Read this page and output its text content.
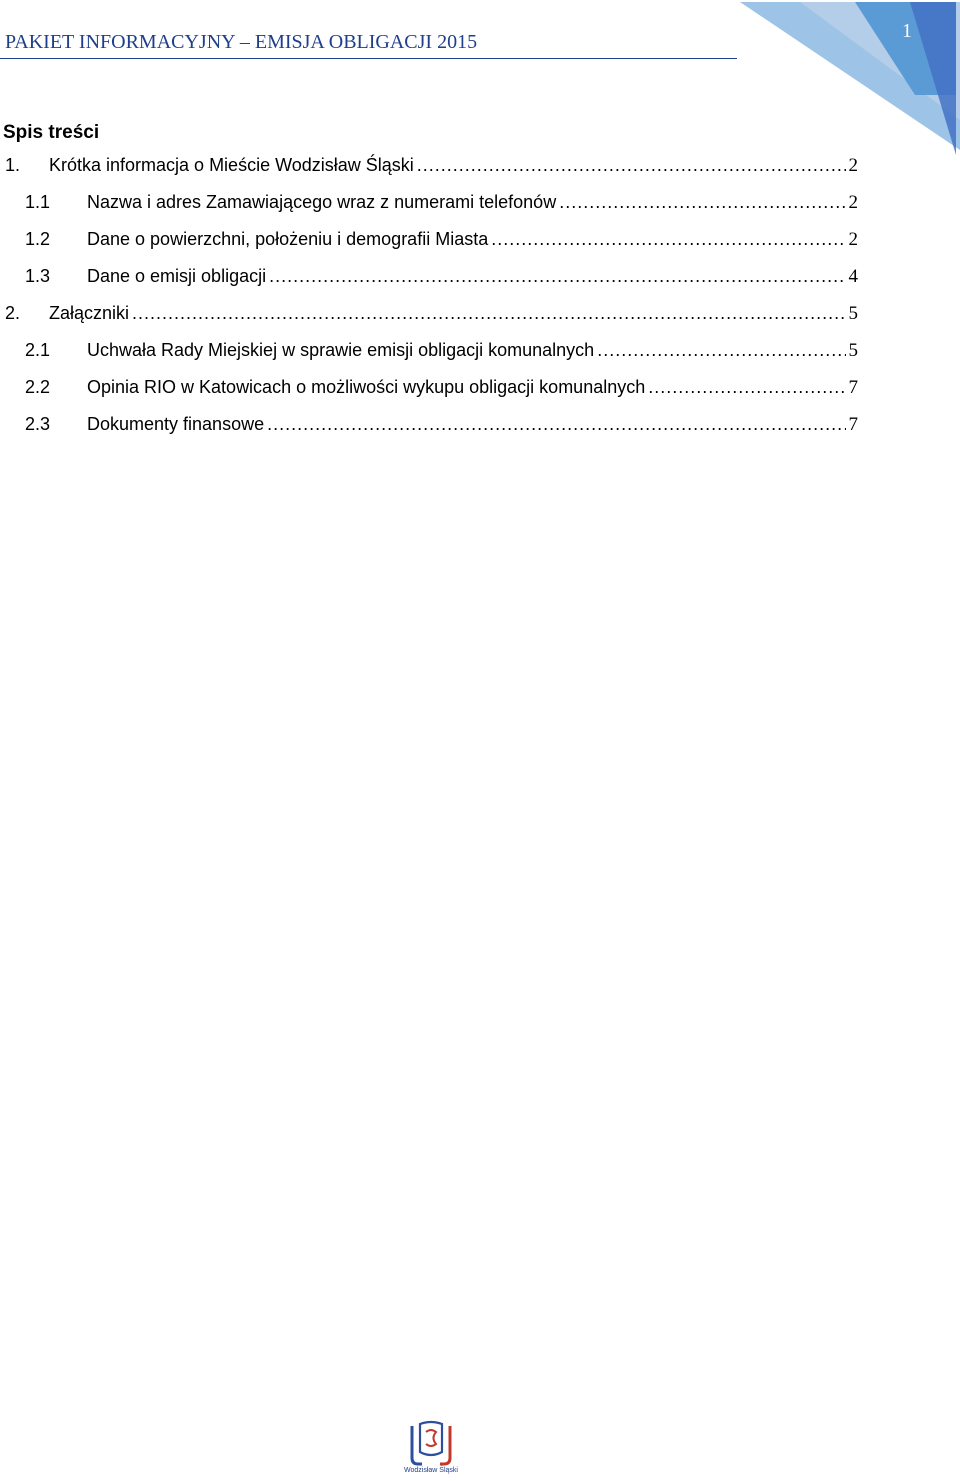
1
PAKIET INFORMACYJNY – EMISJA OBLIGACJI 2015
Spis treści
1. Krótka informacja o Mieście Wodzisław Śląski .....	2
1.1 Nazwa i adres Zamawiającego wraz z numerami telefonów .....	2
1.2 Dane o powierzchni, położeniu i demografii Miasta .....	2
1.3 Dane o emisji obligacji .....	4
2. Załączniki .....	5
2.1 Uchwała Rady Miejskiej w sprawie emisji obligacji komunalnych .....	5
2.2 Opinia RIO w Katowicach o możliwości wykupu obligacji komunalnych .....	7
2.3 Dokumenty finansowe .....	7
Wodzisław Śląski
